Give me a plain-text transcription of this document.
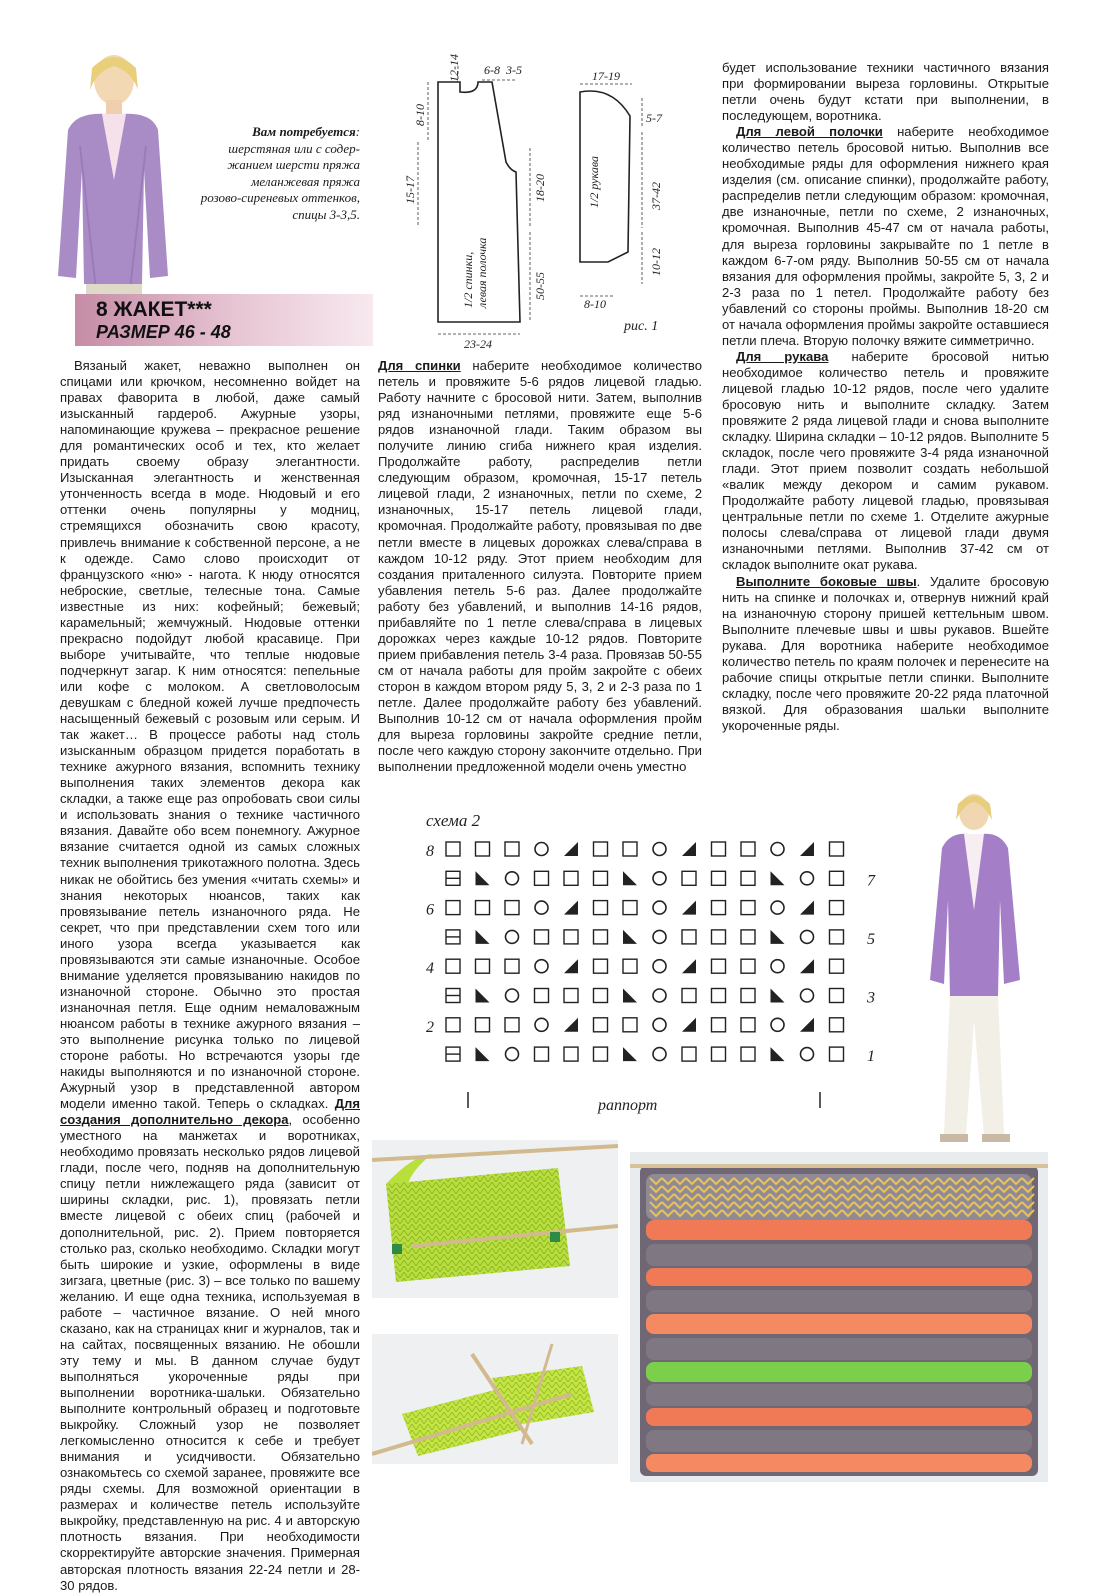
Вам потребуется:
шерстяная или с содер-
жанием шерсти пряжа
меланжевая пряжа
розово-сиреневых оттенков,
спицы 3-3,5.
8 ЖАКЕТ***
РАЗМЕР 46 - 48

Вязаный жакет, неважно выполнен он спицами или крючком, несомненно войдет на правах фаворита в любой, даже самый изысканный гардероб. Ажурные узоры, напоминающие кружева – прекрасное решение для романтических особ и тех, кто желает придать своему образу элегантности. Изысканная элегантность и женственная утонченность всегда в моде. Нюдовый и его оттенки очень популярны у модниц, стремящихся обозначить свою красоту, привлечь внимание к собственной персоне, а не к одежде. Само слово происходит от французского «ню» - нагота. К нюду относятся неброские, светлые, телесные тона. Самые известные из них: кофейный; бежевый; карамельный; жемчужный. Нюдовые оттенки прекрасно подойдут любой красавице. При выборе учитывайте, что теплые нюдовые подчеркнут загар. К ним относятся: пепельные или кофе с молоком. А светловолосым девушкам с бледной кожей лучше предпочесть насыщенный бежевый с розовым или серым. И так жакет… В процессе работы над столь изысканным образцом придется поработать в технике ажурного вязания, вспомнить технику выполнения таких элементов декора как складки, а также еще раз опробовать свои силы и использовать знания о технике частичного вязания. Давайте обо всем понемногу. Ажурное вязание считается одной из самых сложных техник выполнения трикотажного полотна. Здесь никак не обойтись без умения «читать схемы» и знания некоторых нюансов, таких как провязывание петель изнаночного ряда. Не секрет, что при представлении схем того или иного узора всегда указывается как провязываются эти самые изнаночные. Особое внимание уделяется провязыванию накидов по изнаночной стороне. Обычно это простая изнаночная петля. Еще одним немаловажным нюансом работы в технике ажурного вязания – это выполнение рисунка только по лицевой стороне работы. Но встречаются узоры где накиды выполняются и по изнаночной стороне. Ажурный узор в представленной автором модели именно такой. Теперь о складках. Для создания дополнительно декора, особенно уместного на манжетах и воротниках, необходимо провязать несколько рядов лицевой глади, после чего, подняв на дополнительную спицу петли нижлежащего ряда (зависит от ширины складки, рис. 1), провязать петли вместе лицевой с обеих спиц (рабочей и дополнительной, рис. 2). Прием повторяется столько раз, сколько необходимо. Складки могут быть широкие и узкие, оформлены в виде зигзага, цветные (рис. 3) – все только по вашему желанию. И еще одна техника, используемая в работе – частичное вязание. О ней много сказано, как на страницах книг и журналов, так и на сайтах, посвященных вязанию. Не обошли эту тему и мы. В данном случае будут выполняться укороченные ряды при выполнении воротника-шальки. Обязательно выполните контрольный образец и подготовьте выкройку. Сложный узор не позволяет легкомысленно относится к себе и требует внимания и усидчивости. Обязательно ознакомьтесь со схемой заранее, провяжите все ряды схемы. Для возможной ориентации в размерах и количестве петель используйте выкройку, представленную на рис. 4 и авторскую плотность вязания. При необходимости скорректируйте авторские значения. Примерная авторская плотность вязания 22-24 петли и 28-30 рядов.

12-14 6-8 3-5
8-10
15-17	18-20
50-55
23-24
1/2 спинки, левая полочка
17-19
5-7
37-42
10-12
8-10
1/2 рукава
рис. 1

Для спинки наберите необходимое количество петель и провяжите 5-6 рядов лицевой гладью. Работу начните с бросовой нити. Затем, выполнив ряд изнаночными петлями, провяжите еще 5-6 рядов изнаночной глади. Таким образом вы получите линию сгиба нижнего края изделия. Продолжайте работу, распределив петли следующим образом, кромочная, 15-17 петель лицевой глади, 2 изнаночных, петли по схеме, 2 изнаночных, 15-17 петель лицевой глади, кромочная. Продолжайте работу, провязывая по две петли вместе в лицевых дорожках слева/справа в каждом 10-12 ряду. Этот прием необходим для создания приталенного силуэта. Повторите прием убавления петель 5-6 раз. Далее продолжайте работу без убавлений, и выполнив 14-16 рядов, прибавляйте по 1 петле слева/справа в лицевых дорожках через каждые 10-12 рядов. Повторите прием прибавления петель 3-4 раза. Провязав 50-55 см от начала работы для пройм закройте с обеих сторон в каждом втором ряду 5, 3, 2 и 2-3 раза по 1 петле. Далее продолжайте работу без убавлений. Выполнив 10-12 см от начала оформления пройм для выреза горловины закройте средние петли, после чего каждую сторону закончите отдельно. При выполнении предложенной модели очень уместно

будет использование техники частичного вязания при формировании выреза горловины. Открытые петли очень будут кстати при выполнении, в последующем, воротника.

Для левой полочки наберите необходимое количество петель бросовой нитью. Выполнив все необходимые ряды для оформления нижнего края изделия (см. описание спинки), продолжайте работу, распределив петли следующим образом: кромочная, две изнаночные, петли по схеме, 2 изнаночных, кромочная. Выполнив 45-47 см от начала работы, для выреза горловины закрывайте по 1 петле в каждом 6-7-ом ряду. Выполнив 50-55 см от начала вязания для оформления проймы, закройте 5, 3, 2 и 2-3 раза по 1 петел. Продолжайте работу без убавлений со стороны проймы. Выполнив 18-20 см от начала оформления проймы закройте оставшиеся петли плеча. Вторую полочку вяжите симметрично.

Для рукава наберите бросовой нитью необходимое количество петель и провяжите лицевой гладью 10-12 рядов, после чего удалите бросовую нить и выполните складку. Затем провяжите 2 ряда лицевой глади и снова выполните складку. Ширина складки – 10-12 рядов. Выполните 5 складок, после чего провяжите 3-4 ряда изнаночной глади. Этот прием позволит создать небольшой «валик между декором и самим рукавом. Продолжайте работу лицевой гладью, провязывая центральные петли по схеме 1. Отделите ажурные полосы слева/справа от лицевой глади двумя изнаночными петлями. Выполнив 37-42 см от складок выполните окат рукава.

Выполните боковые швы. Удалите бросовую нить на спинке и полочках и, отвернув нижний край на изнаночную сторону пришей кеттельным швом. Выполните плечевые швы и швы рукавов. Вшейте рукава. Для воротника наберите необходимое количество петель по краям полочек и перенесите на рабочие спицы открытые петли спинки. Выполните складку, после чего провяжите 20-22 ряда платочной вязкой. Для образования шальки выполните укороченные ряды.

схема 2
8
7
6
5
4
3
2
1
раппорт
